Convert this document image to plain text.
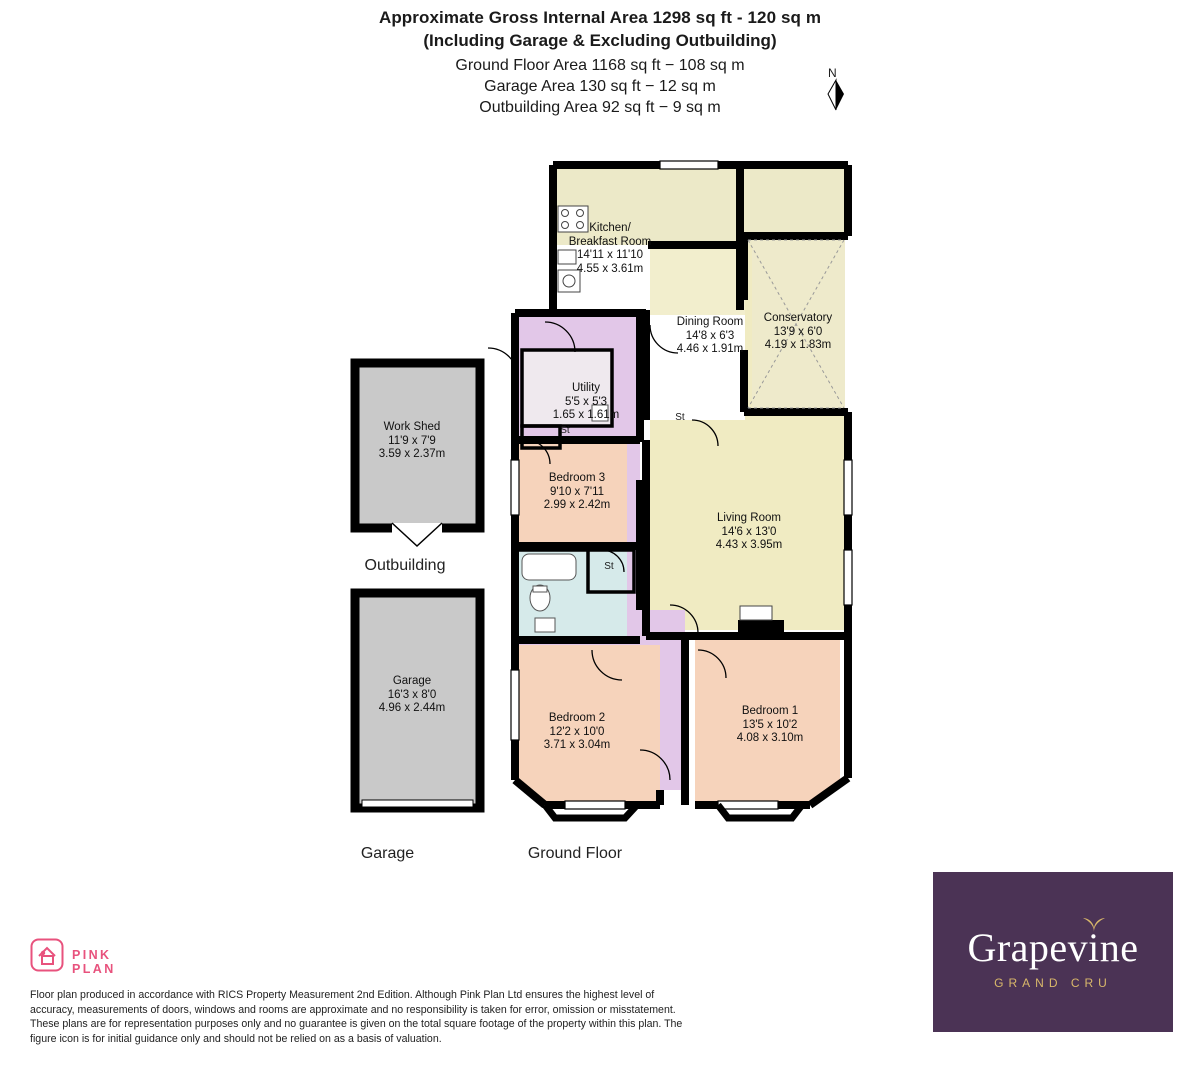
Approximate Gross Internal Area 1298 sq ft - 120 sq m
(Including Garage & Excluding Outbuilding)
Ground Floor Area 1168 sq ft − 108 sq m
Garage Area 130 sq ft − 12 sq m
Outbuilding Area 92 sq ft − 9 sq m
N
Kitchen/
Breakfast Room
14'11 x 11'10
4.55 x 3.61m
Dining Room
14'8 x 6'3
4.46 x 1.91m
Conservatory
13'9 x 6'0
4.19 x 1.83m
Utility
5'5 x 5'3
1.65 x 1.61m
Bedroom 3
9'10 x 7'11
2.99 x 2.42m
Living Room
14'6 x 13'0
4.43 x 3.95m
Bedroom 2
12'2 x 10'0
3.71 x 3.04m
Bedroom 1
13'5 x 10'2
4.08 x 3.10m
Work Shed
11'9 x 7'9
3.59 x 2.37m
Garage
16'3 x 8'0
4.96 x 2.44m
St
St
St
Outbuilding
Garage	Ground Floor
PINK PLAN
Floor plan produced in accordance with RICS Property Measurement 2nd Edition. Although Pink Plan Ltd ensures the highest level of accuracy, measurements of doors, windows and rooms are approximate and no responsibility is taken for error, omission or misstatement. These plans are for representation purposes only and no guarantee is given on the total square footage of the property within this plan. The figure icon is for initial guidance only and should not be relied on as a basis of valuation.
Grapevine
GRAND CRU
